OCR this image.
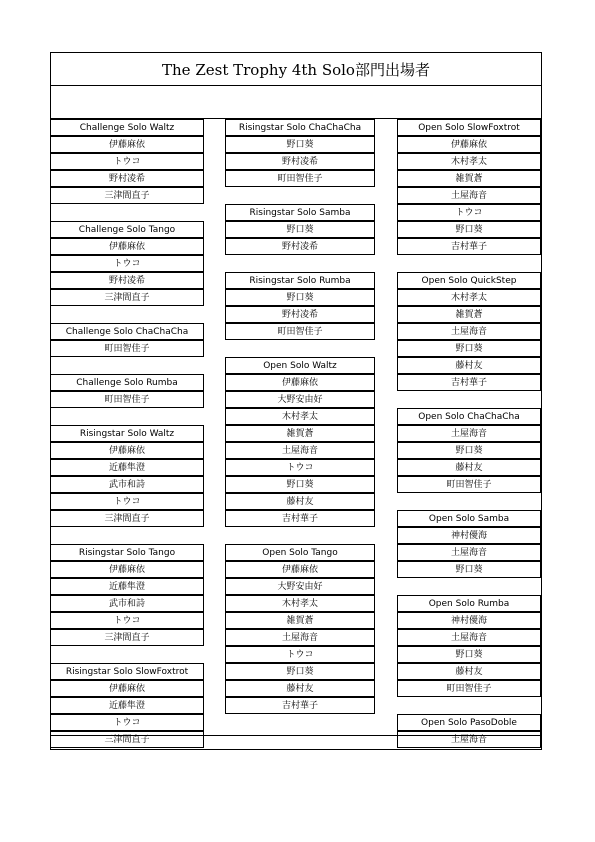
The Zest Trophy 4th Solo部門出場者
Challenge Solo Waltz
伊藤麻依
トウコ
野村凌希
三津間直子
Challenge Solo Tango
伊藤麻依
トウコ
野村凌希
三津間直子
Challenge Solo ChaChaCha
町田智佳子
Challenge Solo Rumba
町田智佳子
Risingstar Solo Waltz
伊藤麻依
近藤隼澄
武市和詩
トウコ
三津間直子
Risingstar Solo Tango
伊藤麻依
近藤隼澄
武市和詩
トウコ
三津間直子
Risingstar Solo SlowFoxtrot
伊藤麻依
近藤隼澄
トウコ
三津間直子
Risingstar Solo ChaChaCha
野口葵
野村凌希
町田智佳子
Risingstar Solo Samba
野口葵
野村凌希
Risingstar Solo Rumba
野口葵
野村凌希
町田智佳子
Open Solo Waltz
伊藤麻依
大野安由好
木村孝太
雑賀蒼
土屋海音
トウコ
野口葵
藤村友
吉村華子
Open Solo Tango
伊藤麻依
大野安由好
木村孝太
雑賀蒼
土屋海音
トウコ
野口葵
藤村友
吉村華子
Open Solo SlowFoxtrot
伊藤麻依
木村孝太
雑賀蒼
土屋海音
トウコ
野口葵
吉村華子
Open Solo QuickStep
木村孝太
雑賀蒼
土屋海音
野口葵
藤村友
吉村華子
Open Solo ChaChaCha
土屋海音
野口葵
藤村友
町田智佳子
Open Solo Samba
神村優海
土屋海音
野口葵
Open Solo Rumba
神村優海
土屋海音
野口葵
藤村友
町田智佳子
Open Solo PasoDoble
土屋海音
